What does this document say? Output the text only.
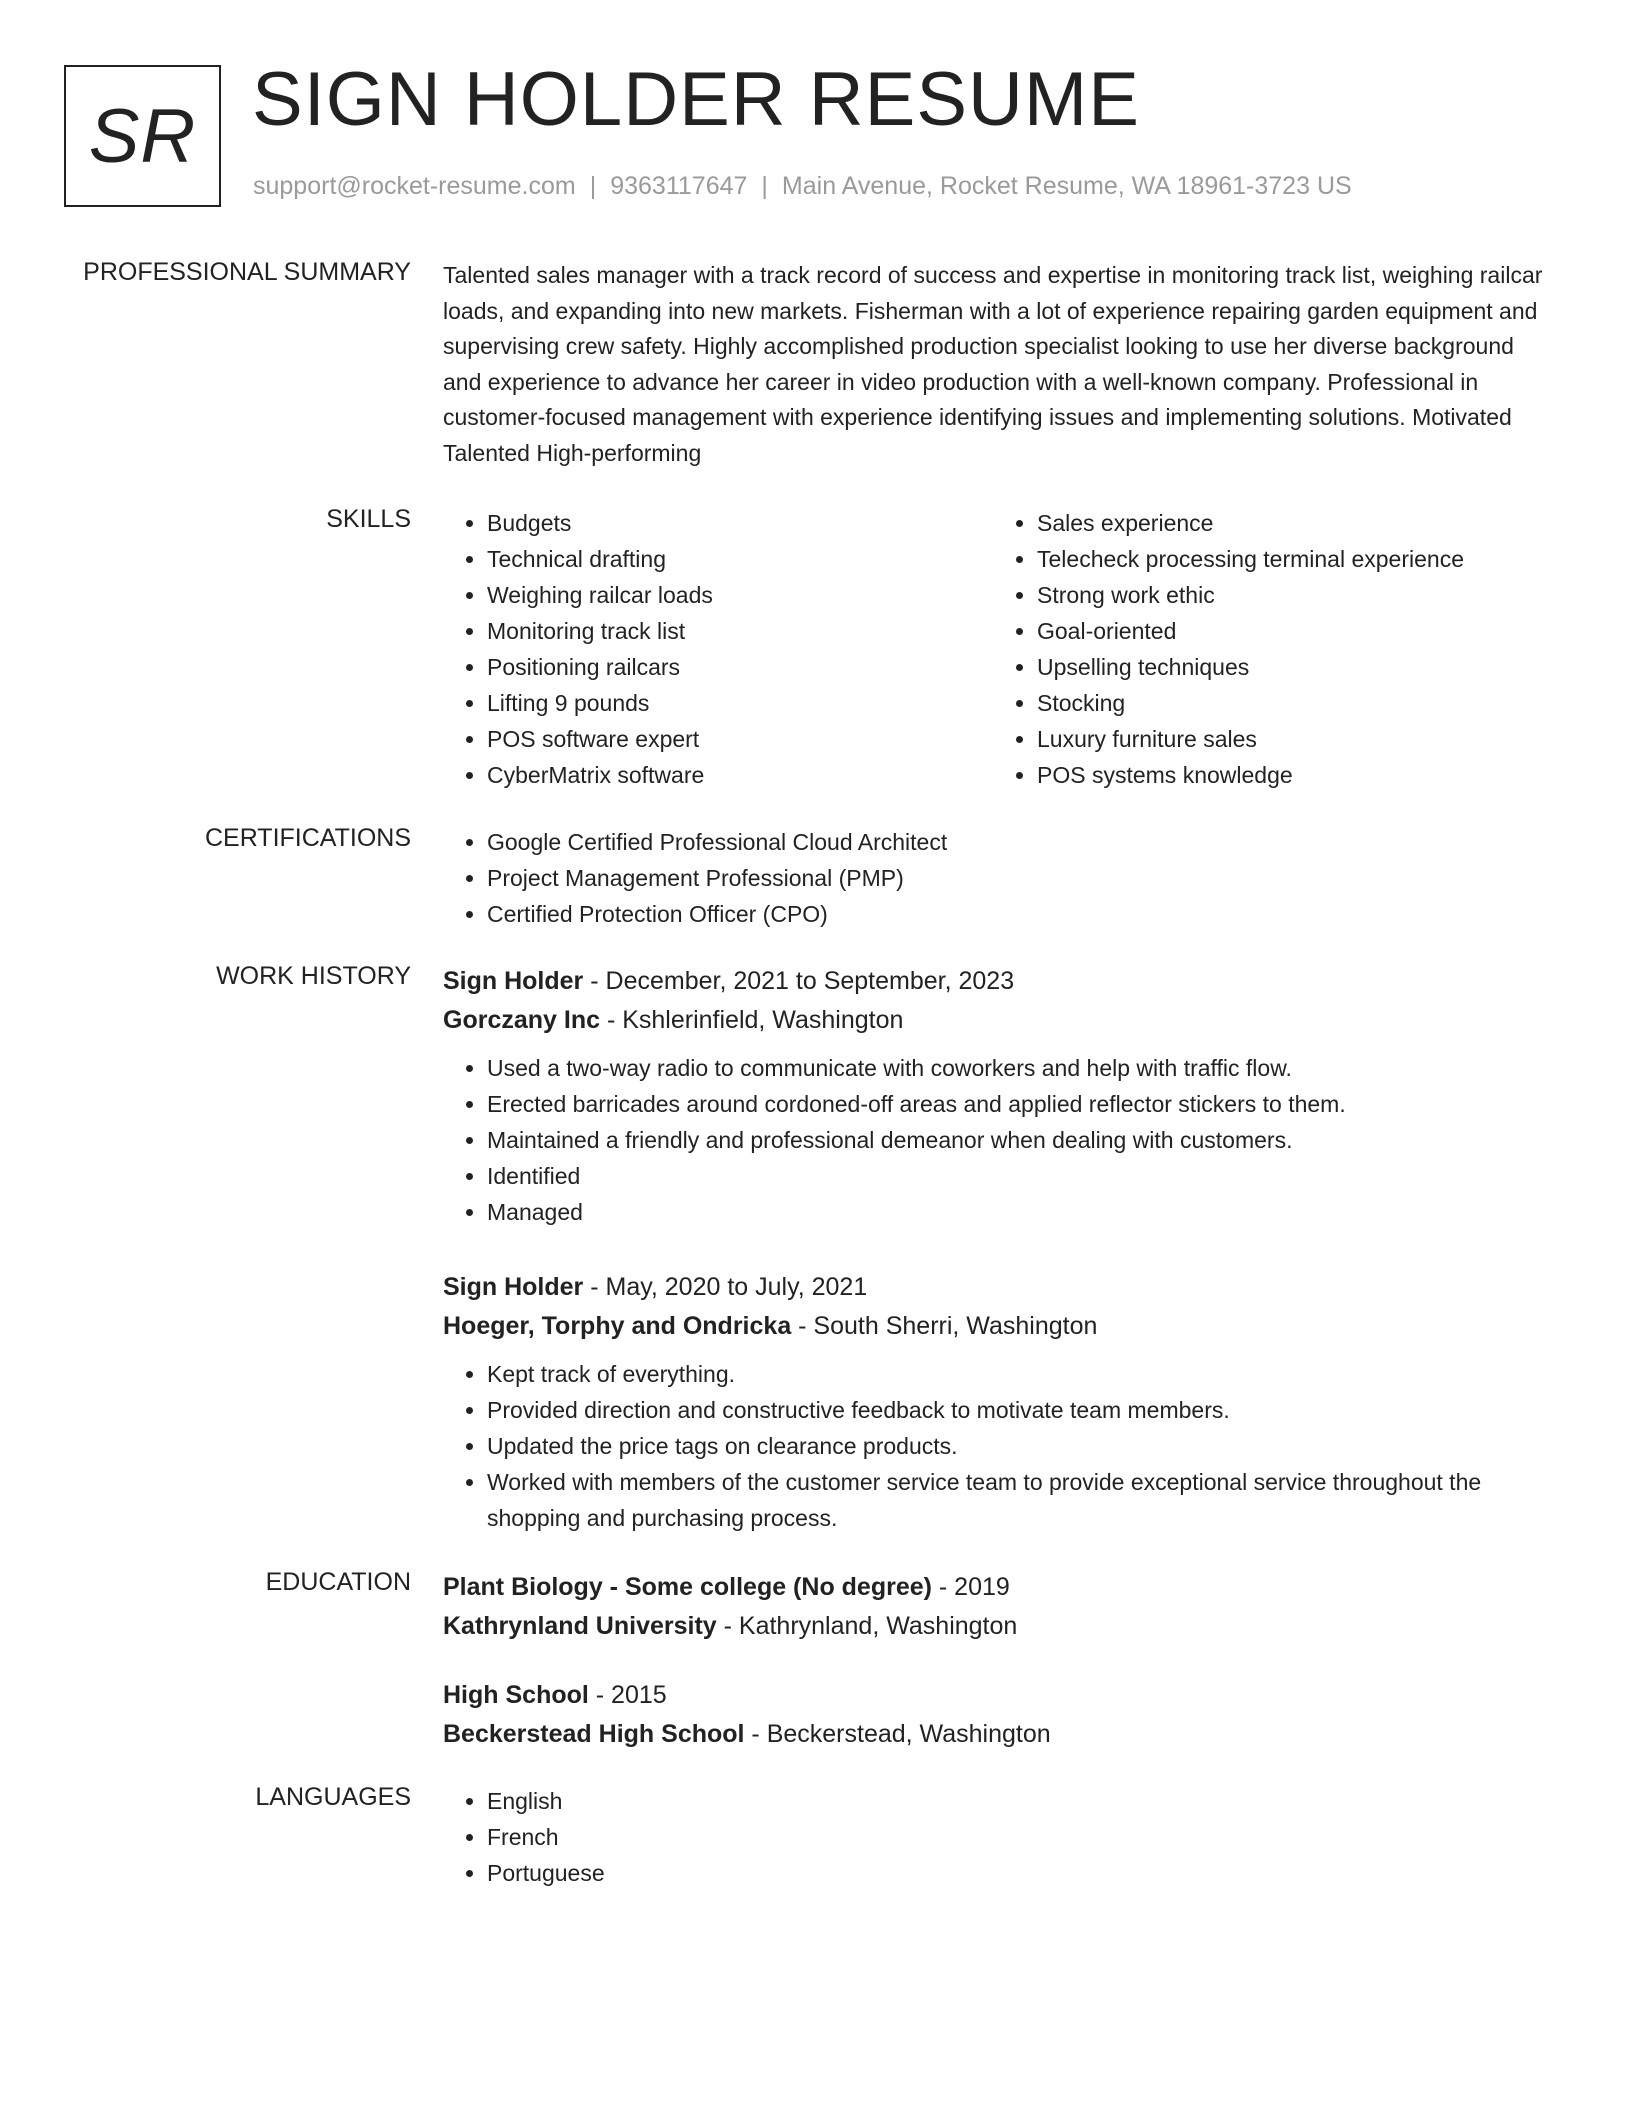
SR SIGN HOLDER RESUME
support@rocket-resume.com | 9363117647 | Main Avenue, Rocket Resume, WA 18961-3723 US
PROFESSIONAL SUMMARY Talented sales manager with a track record of success and expertise in monitoring track list, weighing railcar loads, and expanding into new markets. Fisherman with a lot of experience repairing garden equipment and supervising crew safety. Highly accomplished production specialist looking to use her diverse background and experience to advance her career in video production with a well-known company. Professional in customer-focused management with experience identifying issues and implementing solutions. Motivated Talented High-performing

SKILLS	• Budgets
• Technical drafting
• Weighing railcar loads
• Monitoring track list
• Positioning railcars
• Lifting 9 pounds
• POS software expert
• CyberMatrix software
• Sales experience
• Telecheck processing terminal experience
• Strong work ethic
• Goal-oriented
• Upselling techniques
• Stocking
• Luxury furniture sales
• POS systems knowledge
CERTIFICATIONS	• Google Certified Professional Cloud Architect
• Project Management Professional (PMP)
• Certified Protection Officer (CPO)
WORK HISTORY Sign Holder - December, 2021 to September, 2023
Gorczany Inc - Kshlerinfield, Washington
• Used a two-way radio to communicate with coworkers and help with traffic flow.
• Erected barricades around cordoned-off areas and applied reflector stickers to them.
• Maintained a friendly and professional demeanor when dealing with customers.
• Identified
• Managed
Sign Holder - May, 2020 to July, 2021
Hoeger, Torphy and Ondricka - South Sherri, Washington
• Kept track of everything.
• Provided direction and constructive feedback to motivate team members.
• Updated the price tags on clearance products.
• Worked with members of the customer service team to provide exceptional service throughout the shopping and purchasing process.
EDUCATION Plant Biology - Some college (No degree) - 2019
Kathrynland University - Kathrynland, Washington
High School - 2015
Beckerstead High School - Beckerstead, Washington
LANGUAGES	• English
• French
• Portuguese
